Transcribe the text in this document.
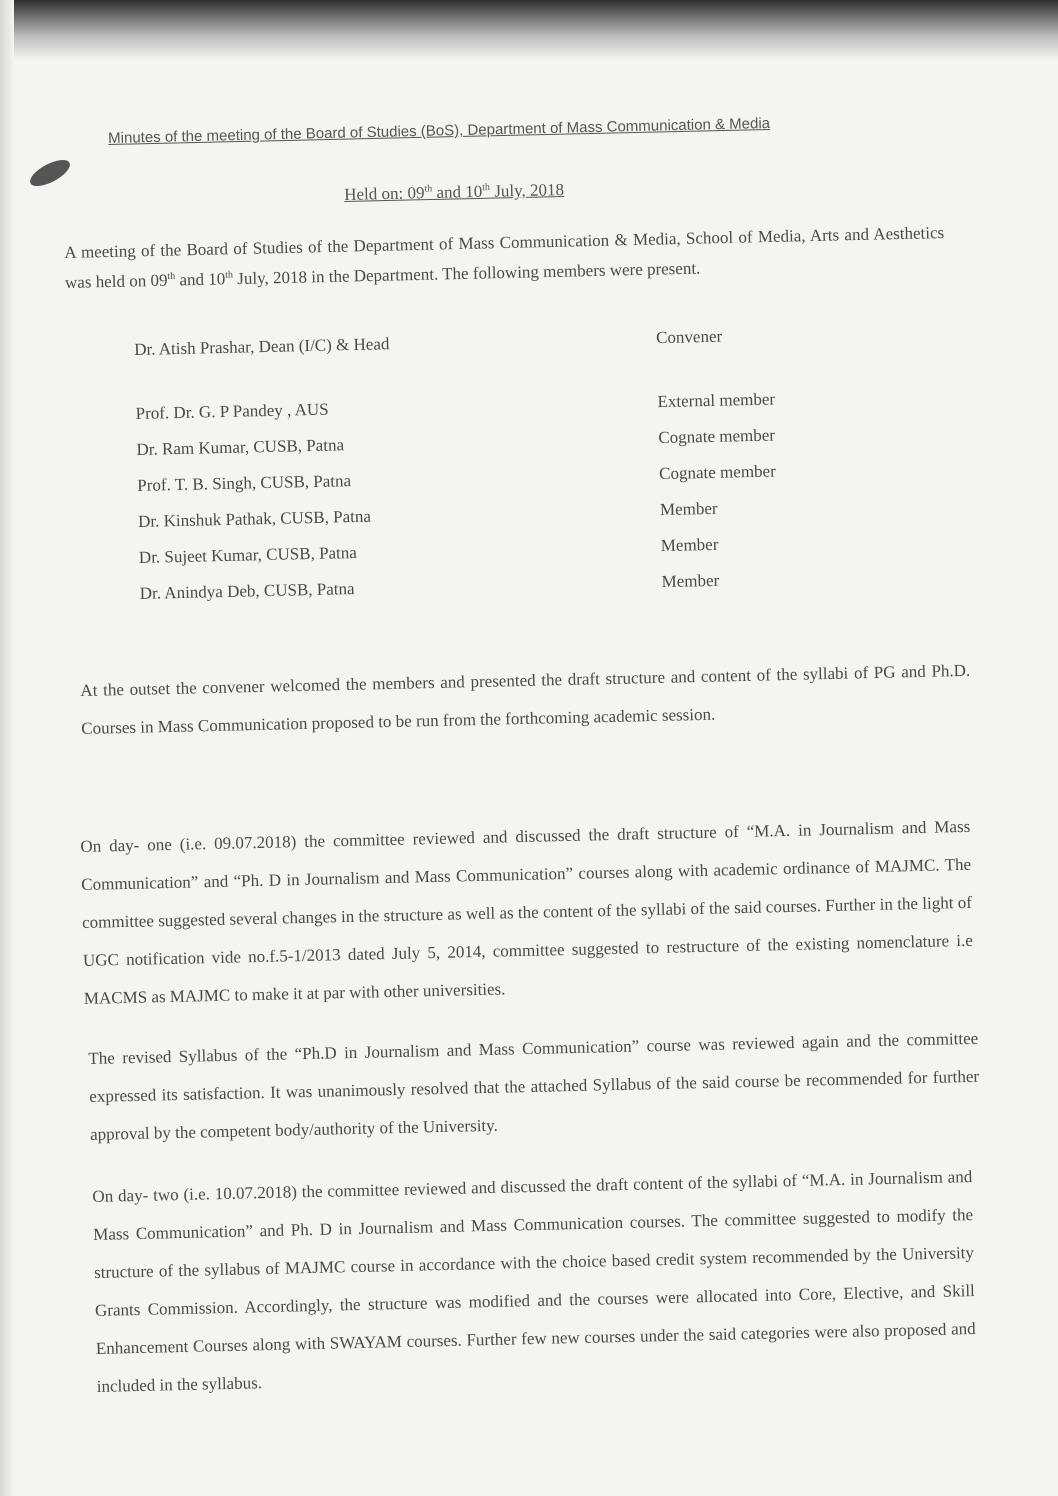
Minutes of the meeting of the Board of Studies (BoS), Department of Mass Communication & Media
Held on: 09th and 10th July, 2018
A meeting of the Board of Studies of the Department of Mass Communication & Media, School of Media, Arts and Aesthetics was held on 09th and 10th July, 2018 in the Department. The following members were present.
Dr. Atish Prashar, Dean (I/C) & Head	Convener
Prof. Dr. G. P Pandey , AUS	External member
Dr. Ram Kumar, CUSB, Patna	Cognate member
Prof. T. B. Singh, CUSB, Patna	Cognate member
Dr. Kinshuk Pathak, CUSB, Patna	Member
Dr. Sujeet Kumar, CUSB, Patna	Member
Dr. Anindya Deb, CUSB, Patna	Member
At the outset the convener welcomed the members and presented the draft structure and content of the syllabi of PG and Ph.D. Courses in Mass Communication proposed to be run from the forthcoming academic session.
On day- one (i.e. 09.07.2018) the committee reviewed and discussed the draft structure of “M.A. in Journalism and Mass Communication” and “Ph. D in Journalism and Mass Communication” courses along with academic ordinance of MAJMC. The committee suggested several changes in the structure as well as the content of the syllabi of the said courses. Further in the light of UGC notification vide no.f.5-1/2013 dated July 5, 2014, committee suggested to restructure of the existing nomenclature i.e MACMS as MAJMC to make it at par with other universities.
The revised Syllabus of the “Ph.D in Journalism and Mass Communication” course was reviewed again and the committee expressed its satisfaction. It was unanimously resolved that the attached Syllabus of the said course be recommended for further approval by the competent body/authority of the University.
On day- two (i.e. 10.07.2018) the committee reviewed and discussed the draft content of the syllabi of “M.A. in Journalism and Mass Communication” and Ph. D in Journalism and Mass Communication courses. The committee suggested to modify the structure of the syllabus of MAJMC course in accordance with the choice based credit system recommended by the University Grants Commission. Accordingly, the structure was modified and the courses were allocated into Core, Elective, and Skill Enhancement Courses along with SWAYAM courses. Further few new courses under the said categories were also proposed and included in the syllabus.
